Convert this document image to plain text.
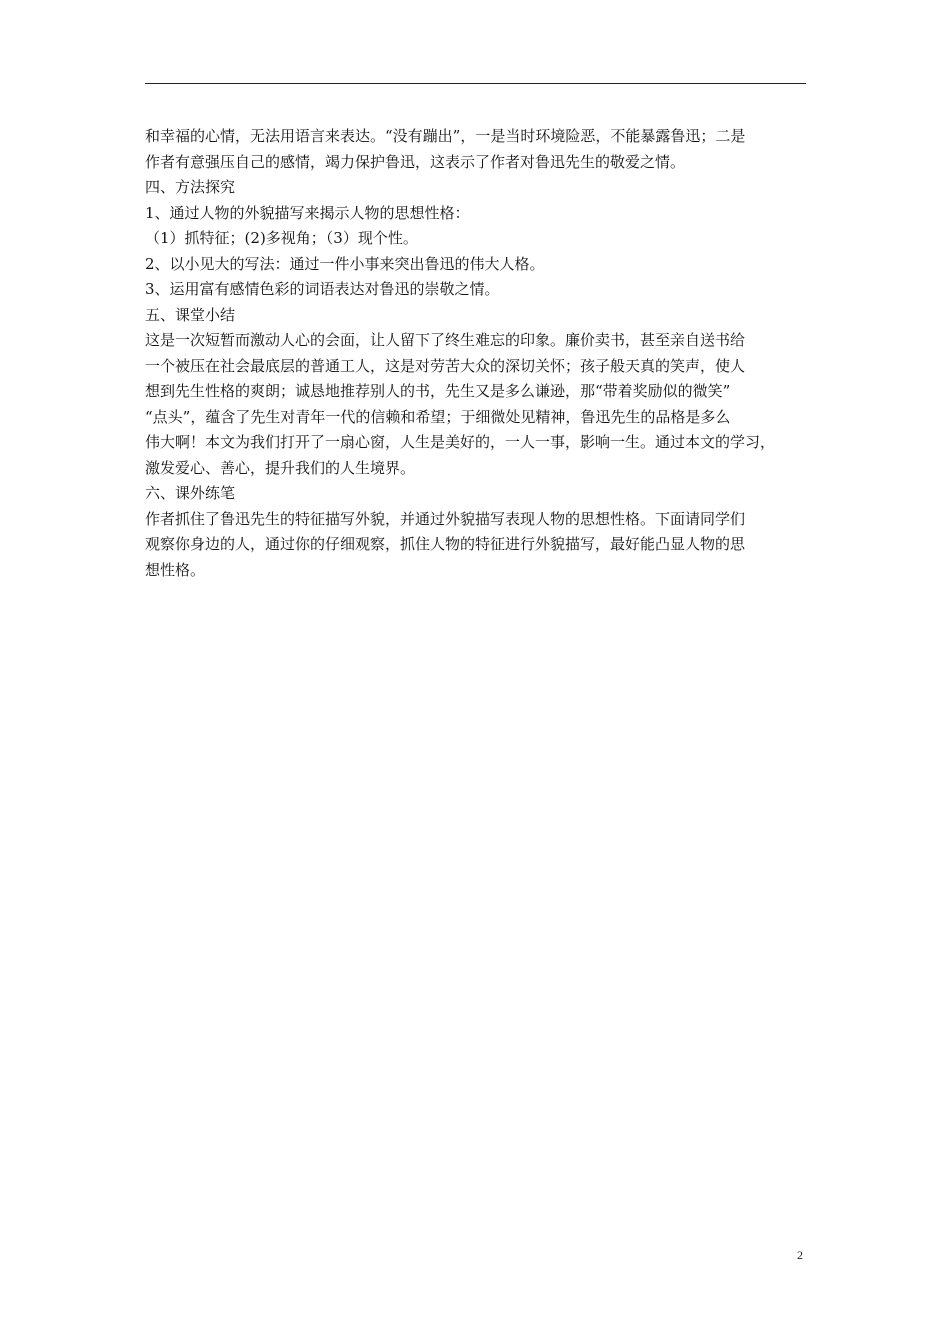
和幸福的心情，无法用语言来表达。“没有蹦出”，一是当时环境险恶，不能暴露鲁迅；二是
作者有意强压自己的感情，竭力保护鲁迅，这表示了作者对鲁迅先生的敬爱之情。
四、方法探究
1、通过人物的外貌描写来揭示人物的思想性格：
（1）抓特征；(2)多视角；（3）现个性。
2、以小见大的写法：通过一件小事来突出鲁迅的伟大人格。
3、运用富有感情色彩的词语表达对鲁迅的崇敬之情。
五、课堂小结
这是一次短暂而激动人心的会面，让人留下了终生难忘的印象。廉价卖书，甚至亲自送书给
一个被压在社会最底层的普通工人，这是对劳苦大众的深切关怀；孩子般天真的笑声，使人
想到先生性格的爽朗；诚恳地推荐别人的书，先生又是多么谦逊，那“带着奖励似的微笑”
“点头”，蕴含了先生对青年一代的信赖和希望；于细微处见精神，鲁迅先生的品格是多么
伟大啊！本文为我们打开了一扇心窗，人生是美好的，一人一事，影响一生。通过本文的学习，
激发爱心、善心，提升我们的人生境界。
六、课外练笔
作者抓住了鲁迅先生的特征描写外貌，并通过外貌描写表现人物的思想性格。下面请同学们
观察你身边的人，通过你的仔细观察，抓住人物的特征进行外貌描写，最好能凸显人物的思
想性格。
2
